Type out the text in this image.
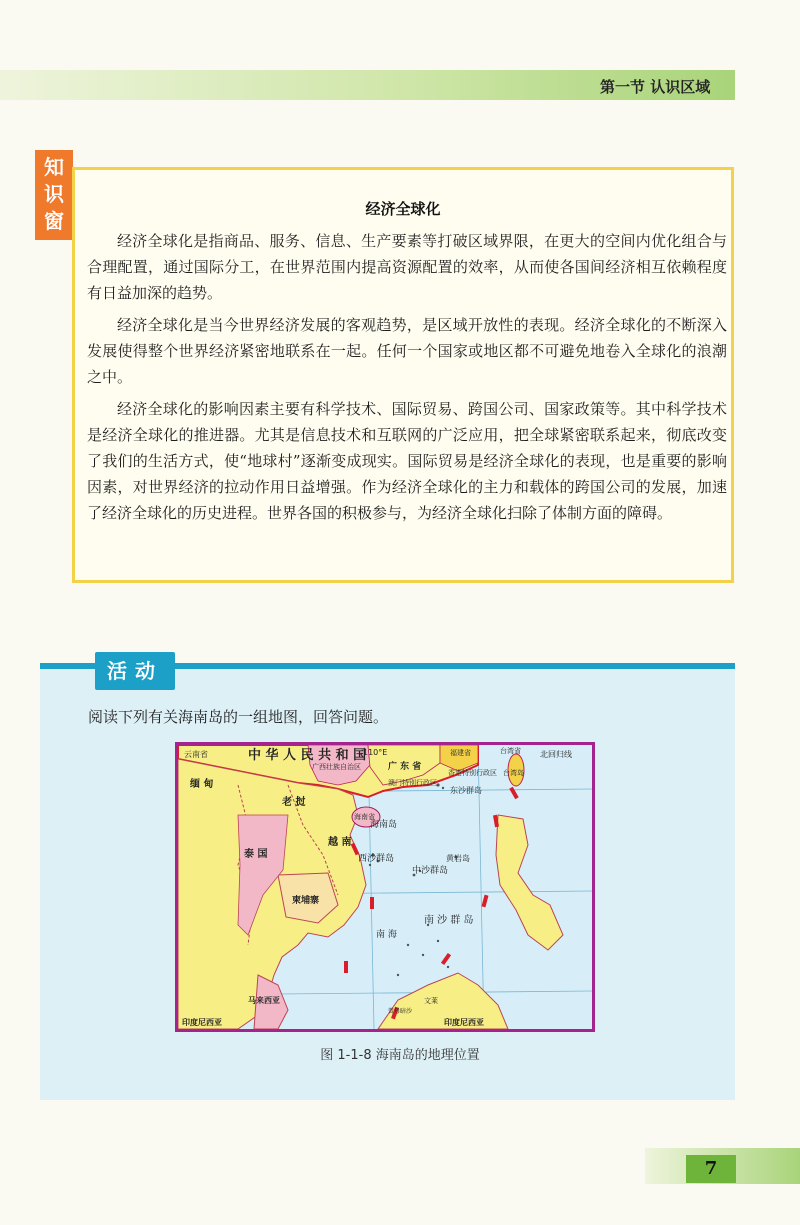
第一节 认识区域
知
识
窗	经济全球化

经济全球化是指商品、服务、信息、生产要素等打破区域界限，在更大的空间内优化组合与合理配置，通过国际分工，在世界范围内提高资源配置的效率，从而使各国间经济相互依赖程度有日益加深的趋势。

经济全球化是当今世界经济发展的客观趋势，是区域开放性的表现。经济全球化的不断深入发展使得整个世界经济紧密地联系在一起。任何一个国家或地区都不可避免地卷入全球化的浪潮之中。

经济全球化的影响因素主要有科学技术、国际贸易、跨国公司、国家政策等。其中科学技术是经济全球化的推进器。尤其是信息技术和互联网的广泛应用，把全球紧密联系起来，彻底改变了我们的生活方式，使“地球村”逐渐变成现实。国际贸易是经济全球化的表现，也是重要的影响因素，对世界经济的拉动作用日益增强。作为经济全球化的主力和载体的跨国公司的发展，加速了经济全球化的历史进程。世界各国的积极参与，为经济全球化扫除了体制方面的障碍。

活动
阅读下列有关海南岛的一组地图，回答问题。
中 华 人 民 共 和 国
云南省
广西壮族自治区	广 东 省
福建省	台湾省
台湾岛
北回归线
香港特别行政区
澳门特别行政区
东沙群岛
海南省
海南岛
西沙群岛
中沙群岛
黄岩岛
南 沙 群 岛
南 海
110°E
缅 甸
老 挝
越 南
泰 国
柬埔寨
马来西亚
印度尼西亚	印度尼西亚
文莱
曾母暗沙
图 1-1-8 海南岛的地理位置
7
